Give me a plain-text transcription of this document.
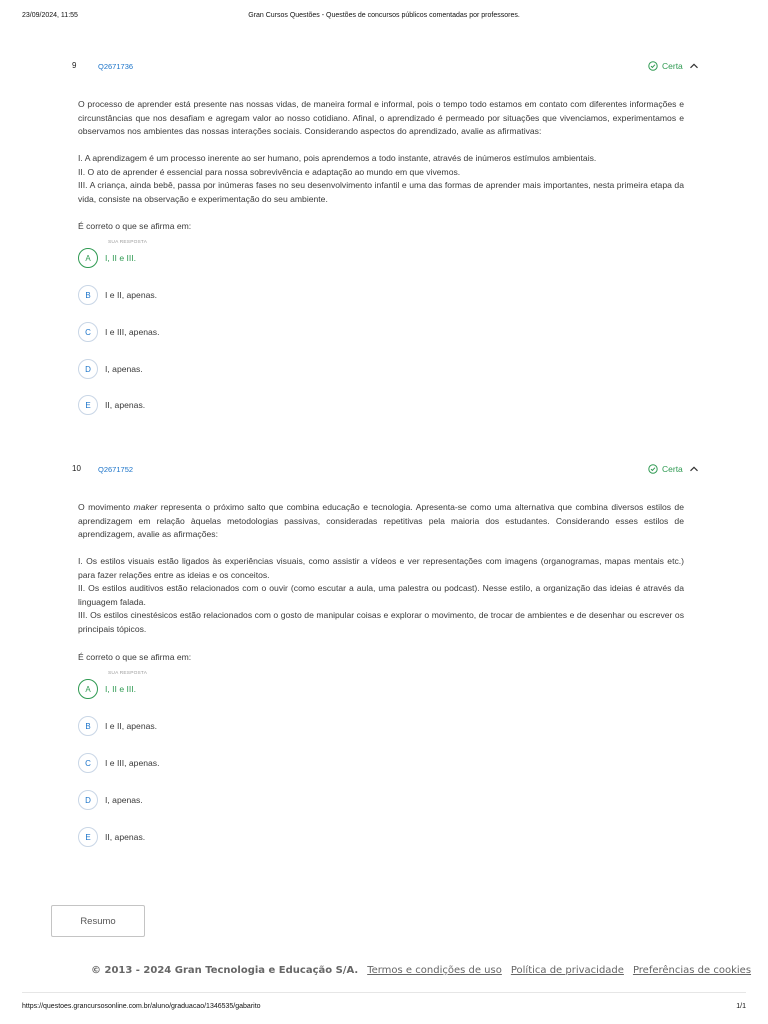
23/09/2024, 11:55	Gran Cursos Questões - Questões de concursos públicos comentadas por professores.
9	Q2671736	Certa

O processo de aprender está presente nas nossas vidas, de maneira formal e informal, pois o tempo todo estamos em contato com diferentes informações e circunstâncias que nos desafiam e agregam valor ao nosso cotidiano. Afinal, o aprendizado é permeado por situações que vivenciamos, experimentamos e observamos nos ambientes das nossas interações sociais. Considerando aspectos do aprendizado, avalie as afirmativas:

I. A aprendizagem é um processo inerente ao ser humano, pois aprendemos a todo instante, através de inúmeros estímulos ambientais.

II. O ato de aprender é essencial para nossa sobrevivência e adaptação ao mundo em que vivemos.

III. A criança, ainda bebê, passa por inúmeras fases no seu desenvolvimento infantil e uma das formas de aprender mais importantes, nesta primeira etapa da vida, consiste na observação e experimentação do seu ambiente.

É correto o que se afirma em:
SUA RESPOSTA
A	I, II e III.
B	I e II, apenas.
C	I e III, apenas.
D	I, apenas.
E	II, apenas.
10 Q2671752	Certa

O movimento maker representa o próximo salto que combina educação e tecnologia. Apresenta-se como uma alternativa que combina diversos estilos de aprendizagem em relação àquelas metodologias passivas, consideradas repetitivas pela maioria dos estudantes. Considerando esses estilos de aprendizagem, avalie as afirmações:

I. Os estilos visuais estão ligados às experiências visuais, como assistir a vídeos e ver representações com imagens (organogramas, mapas mentais etc.) para fazer relações entre as ideias e os conceitos.

II. Os estilos auditivos estão relacionados com o ouvir (como escutar a aula, uma palestra ou podcast). Nesse estilo, a organização das ideias é através da linguagem falada.

III. Os estilos cinestésicos estão relacionados com o gosto de manipular coisas e explorar o movimento, de trocar de ambientes e de desenhar ou escrever os principais tópicos.

É correto o que se afirma em:
SUA RESPOSTA
A	I, II e III.
B	I e II, apenas.
C	I e III, apenas.
D	I, apenas.
E	II, apenas.
Resumo
© 2013 - 2024 Gran Tecnologia e Educação S/A. Termos e condições de uso Política de privacidade Preferências de cookies
https://questoes.grancursosonline.com.br/aluno/graduacao/1346535/gabarito	1/1
